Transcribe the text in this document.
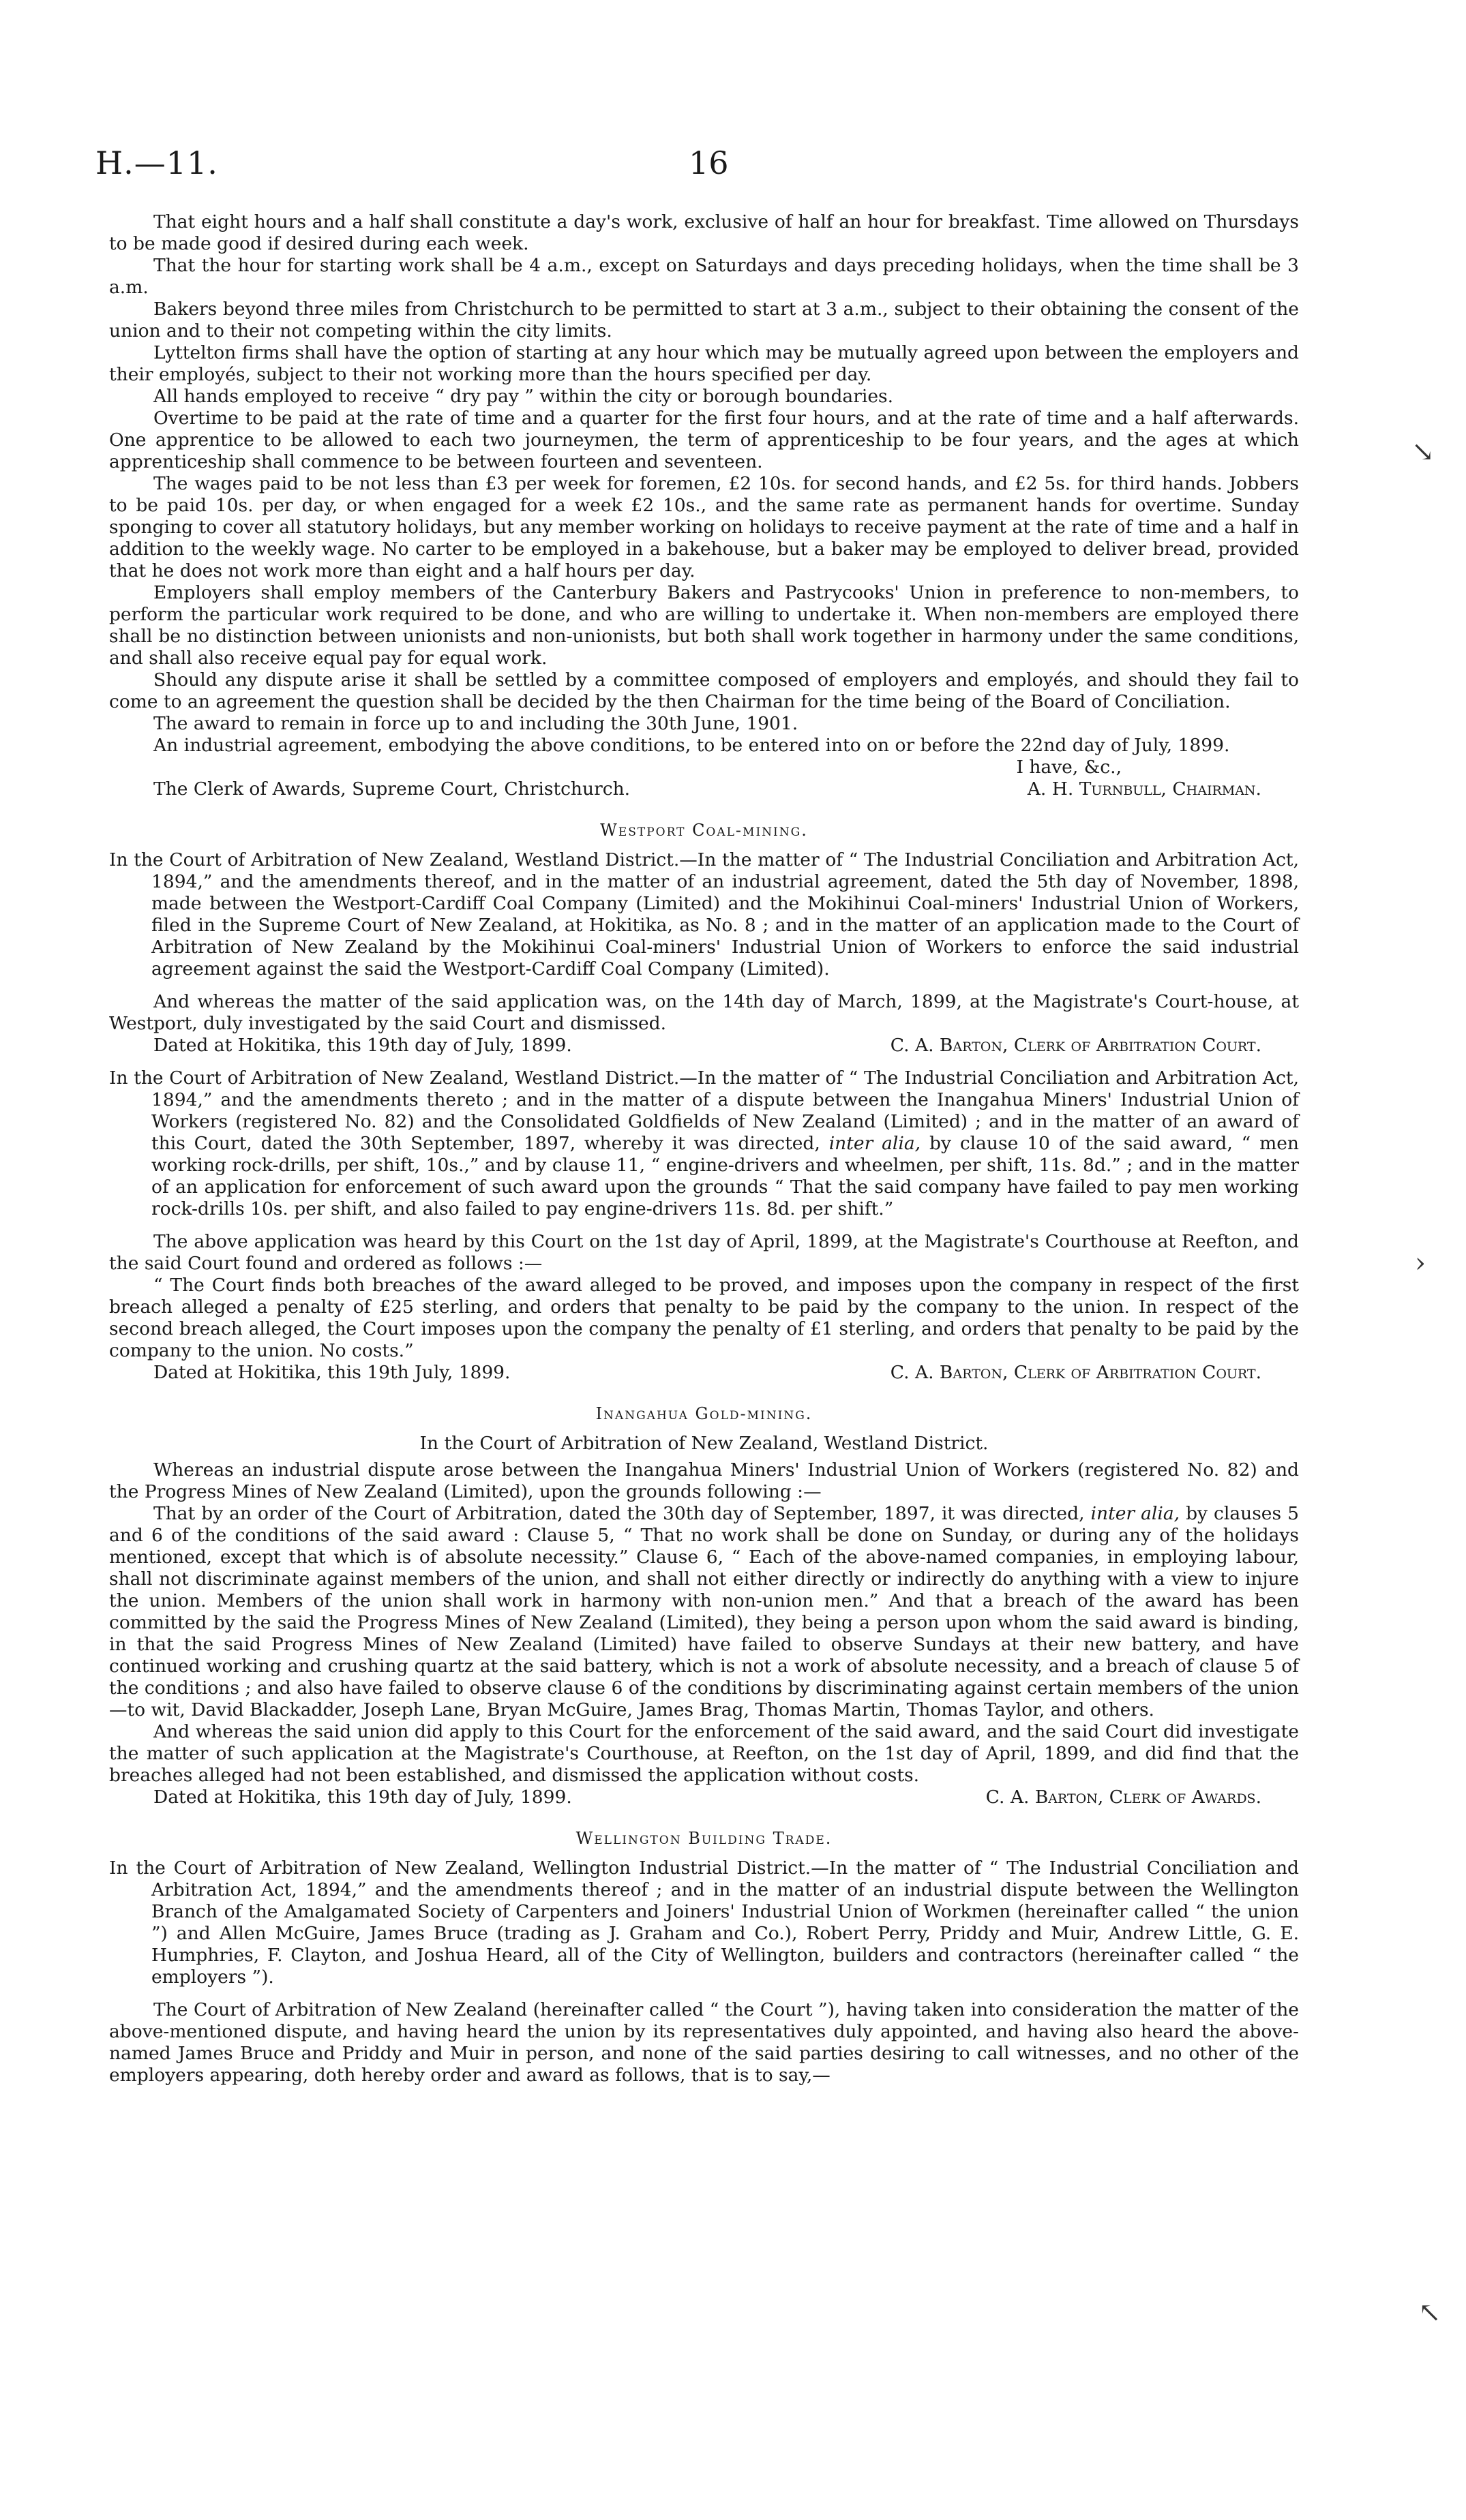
H.—11.	16

That eight hours and a half shall constitute a day's work, exclusive of half an hour for breakfast. Time allowed on Thursdays to be made good if desired during each week.

That the hour for starting work shall be 4 a.m., except on Saturdays and days preceding holidays, when the time shall be 3 a.m.

Bakers beyond three miles from Christchurch to be permitted to start at 3 a.m., subject to their obtaining the consent of the union and to their not competing within the city limits.

Lyttelton firms shall have the option of starting at any hour which may be mutually agreed upon between the employers and their employés, subject to their not working more than the hours specified per day.

All hands employed to receive “ dry pay ” within the city or borough boundaries.

Overtime to be paid at the rate of time and a quarter for the first four hours, and at the rate of time and a half afterwards. One apprentice to be allowed to each two journeymen, the term of apprenticeship to be four years, and the ages at which apprenticeship shall commence to be between fourteen and seventeen.

The wages paid to be not less than £3 per week for foremen, £2 10s. for second hands, and £2 5s. for third hands. Jobbers to be paid 10s. per day, or when engaged for a week £2 10s., and the same rate as permanent hands for overtime. Sunday sponging to cover all statutory holidays, but any member working on holidays to receive payment at the rate of time and a half in addition to the weekly wage. No carter to be employed in a bakehouse, but a baker may be employed to deliver bread, provided that he does not work more than eight and a half hours per day.

Employers shall employ members of the Canterbury Bakers and Pastrycooks' Union in preference to non-members, to perform the particular work required to be done, and who are willing to undertake it. When non-members are employed there shall be no distinction between unionists and non-unionists, but both shall work together in harmony under the same conditions, and shall also receive equal pay for equal work.

Should any dispute arise it shall be settled by a committee composed of employers and employés, and should they fail to come to an agreement the question shall be decided by the then Chairman for the time being of the Board of Conciliation.

The award to remain in force up to and including the 30th June, 1901.

An industrial agreement, embodying the above conditions, to be entered into on or before the 22nd day of July, 1899.

I have, &c.,
The Clerk of Awards, Supreme Court, Christchurch.	A. H. Turnbull, Chairman.
Westport Coal-mining.

In the Court of Arbitration of New Zealand, Westland District.—In the matter of “ The Industrial Conciliation and Arbitration Act, 1894,” and the amendments thereof, and in the matter of an industrial agreement, dated the 5th day of November, 1898, made between the Westport-Cardiff Coal Company (Limited) and the Mokihinui Coal-miners' Industrial Union of Workers, filed in the Supreme Court of New Zealand, at Hokitika, as No. 8 ; and in the matter of an application made to the Court of Arbitration of New Zealand by the Mokihinui Coal-miners' Industrial Union of Workers to enforce the said industrial agreement against the said the Westport-Cardiff Coal Company (Limited).

And whereas the matter of the said application was, on the 14th day of March, 1899, at the Magistrate's Court-house, at Westport, duly investigated by the said Court and dismissed.

Dated at Hokitika, this 19th day of July, 1899.	C. A. Barton, Clerk of Arbitration Court.

In the Court of Arbitration of New Zealand, Westland District.—In the matter of “ The Industrial Conciliation and Arbitration Act, 1894,” and the amendments thereto ; and in the matter of a dispute between the Inangahua Miners' Industrial Union of Workers (registered No. 82) and the Consolidated Goldfields of New Zealand (Limited) ; and in the matter of an award of this Court, dated the 30th September, 1897, whereby it was directed, inter alia, by clause 10 of the said award, “ men working rock-drills, per shift, 10s.,” and by clause 11, “ engine-drivers and wheelmen, per shift, 11s. 8d.” ; and in the matter of an application for enforcement of such award upon the grounds “ That the said company have failed to pay men working rock-drills 10s. per shift, and also failed to pay engine-drivers 11s. 8d. per shift.”

The above application was heard by this Court on the 1st day of April, 1899, at the Magistrate's Courthouse at Reefton, and the said Court found and ordered as follows :—

“ The Court finds both breaches of the award alleged to be proved, and imposes upon the company in respect of the first breach alleged a penalty of £25 sterling, and orders that penalty to be paid by the company to the union. In respect of the second breach alleged, the Court imposes upon the company the penalty of £1 sterling, and orders that penalty to be paid by the company to the union. No costs.”

Dated at Hokitika, this 19th July, 1899.	C. A. Barton, Clerk of Arbitration Court.
Inangahua Gold-mining.
In the Court of Arbitration of New Zealand, Westland District.

Whereas an industrial dispute arose between the Inangahua Miners' Industrial Union of Workers (registered No. 82) and the Progress Mines of New Zealand (Limited), upon the grounds following :—

That by an order of the Court of Arbitration, dated the 30th day of September, 1897, it was directed, inter alia, by clauses 5 and 6 of the conditions of the said award : Clause 5, “ That no work shall be done on Sunday, or during any of the holidays mentioned, except that which is of absolute necessity.” Clause 6, “ Each of the above-named companies, in employing labour, shall not discriminate against members of the union, and shall not either directly or indirectly do anything with a view to injure the union. Members of the union shall work in harmony with non-union men.” And that a breach of the award has been committed by the said the Progress Mines of New Zealand (Limited), they being a person upon whom the said award is binding, in that the said Progress Mines of New Zealand (Limited) have failed to observe Sundays at their new battery, and have continued working and crushing quartz at the said battery, which is not a work of absolute necessity, and a breach of clause 5 of the conditions ; and also have failed to observe clause 6 of the conditions by discriminating against certain members of the union—to wit, David Blackadder, Joseph Lane, Bryan McGuire, James Brag, Thomas Martin, Thomas Taylor, and others.

And whereas the said union did apply to this Court for the enforcement of the said award, and the said Court did investigate the matter of such application at the Magistrate's Courthouse, at Reefton, on the 1st day of April, 1899, and did find that the breaches alleged had not been established, and dismissed the application without costs.

Dated at Hokitika, this 19th day of July, 1899.	C. A. Barton, Clerk of Awards.
Wellington Building Trade.

In the Court of Arbitration of New Zealand, Wellington Industrial District.—In the matter of “ The Industrial Conciliation and Arbitration Act, 1894,” and the amendments thereof ; and in the matter of an industrial dispute between the Wellington Branch of the Amalgamated Society of Carpenters and Joiners' Industrial Union of Workmen (hereinafter called “ the union ”) and Allen McGuire, James Bruce (trading as J. Graham and Co.), Robert Perry, Priddy and Muir, Andrew Little, G. E. Humphries, F. Clayton, and Joshua Heard, all of the City of Wellington, builders and contractors (hereinafter called “ the employers ”).

The Court of Arbitration of New Zealand (hereinafter called “ the Court ”), having taken into consideration the matter of the above-mentioned dispute, and having heard the union by its representatives duly appointed, and having also heard the above-named James Bruce and Priddy and Muir in person, and none of the said parties desiring to call witnesses, and no other of the employers appearing, doth hereby order and award as follows, that is to say,—

↘
›
↖
